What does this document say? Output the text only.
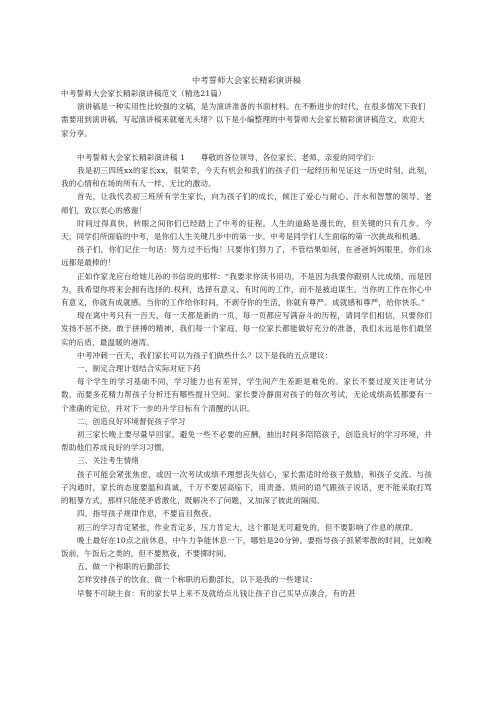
中考誓师大会家长精彩演讲稿

中考誓师大会家长精彩演讲稿范文（精选21篇）

演讲稿是一种实用性比较强的文稿，是为演讲准备的书面材料。在不断进步的时代，在很多情况下我们需要用到演讲稿，写起演讲稿来就毫无头绪？以下是小编整理的中考誓师大会家长精彩演讲稿范文，欢迎大家分享。

中考誓师大会家长精彩演讲稿 1　　尊敬的各位领导、各位家长、老师、亲爱的同学们：

我是初三四班xx的家长xx，很荣幸，今天有机会和我们的孩子们一起经历和见证这一历史时刻，此刻，我的心情和在场的所有人一样，无比的激动。

首先，让我代表初三班所有学生家长，向为孩子们的成长，倾注了爱心与耐心、汗水和智慧的领导、老师们，致以衷心的感谢！

时间过得真快，转眼之间你们已经踏上了中考的征程。人生的道路是漫长的，但关键的只有几步。今天，同学们所面临的中考，是你们人生关键几步中的第一步。中考是同学们人生面临的第一次挑战和机遇。

孩子们，你们记住一句话：努力过不后悔！只要你们努力了，不管结果如何，在爸爸妈妈眼里，你们永远都是最棒的！

正如作家龙应台给她儿孙的书信说的那样：“我要求你读书用功，不是因为我要你跟别人比成绩，而是因为，我希望你将来会拥有选择的.权利，选择有意义、有时间的工作，而不是被迫谋生。当你的工作在你心中有意义，你就有成就感。当你的工作给你时间，不剥夺你的生活，你就有尊严。成就感和尊严，给你快乐。”

现在离中考只有一百天，每一天都是新的一页，每一页都应写满奋斗的历程，请同学们相信，只要你们发扬不屈不挠、敢于拼搏的精神，我们每一个家庭、每一位家长都能做好充分的准备，我们永远是你们最坚实的后盾，最温暖的港湾。

中考冲刺一百天，我们家长可以为孩子们做些什么？以下是我的五点建议：

一、制定合理计划结合实际对症下药

每个学生的学习基础不同，学习能力也有差异，学生间产生差距是难免的。家长不要过度关注考试分数，而要多花精力帮孩子分析还有哪些提升空间。家长要冷静面对孩子的每次考试，无论成绩高低都要有一个准确的定位，并对下一步的升学目标有个清醒的认识。

二、创造良好环境督促孩子学习

初三家长晚上要尽量早回家，避免一些不必要的应酬，抽出时间多陪陪孩子，创造良好的学习环境，并帮助他们养成良好的学习习惯。

三、关注考生情绪

孩子可能会紧张焦虑，或因一次考试成绩不理想丧失信心，家长需适时给孩子鼓励，和孩子交流。与孩子沟通时，家长的态度要温和真诚，千万不要居高临下，用责备、质问的语气跟孩子说话，更不能采取打骂的粗暴方式，那样只能使矛盾激化，既解决不了问题，又加深了彼此的隔阂。

四、指导孩子规律作息，不要盲目熬夜。

初三的学习肯定紧张，作业肯定多，压力肯定大，这个都是无可避免的，但不要影响了作息的规律。

晚上最好在10点之前休息，中午力争能休息一下，哪怕是20分钟。要指导孩子抓紧零散的时间，比如晚饭前，午饭后之类的，但不要熬夜，不要掷时间。

五、做一个称职的后勤部长

怎样安排孩子的饮食，做一个称职的后勤部长，以下是我的一些建议：

早餐不可缺主食：有的家长早上来不及就给点儿钱让孩子自己买早点凑合，有的甚
